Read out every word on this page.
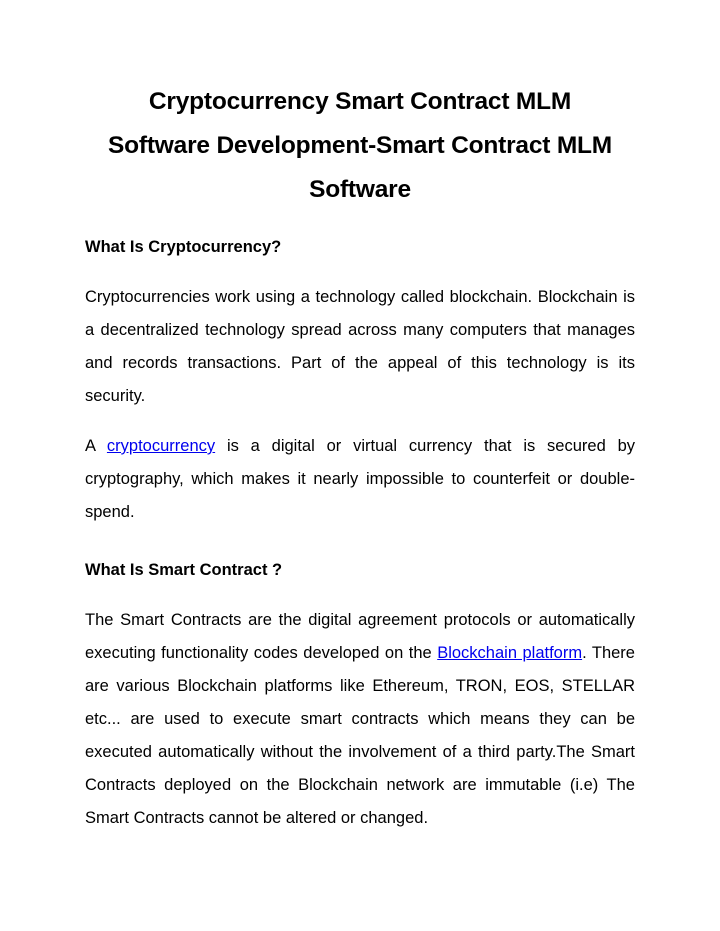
Cryptocurrency Smart Contract MLM
Software Development-Smart Contract MLM
Software
What Is Cryptocurrency?

Cryptocurrencies work using a technology called blockchain. Blockchain is a decentralized technology spread across many computers that manages and records transactions. Part of the appeal of this technology is its security.

A cryptocurrency is a digital or virtual currency that is secured by cryptography, which makes it nearly impossible to counterfeit or double-spend.

What Is Smart Contract ?

The Smart Contracts are the digital agreement protocols or automatically executing functionality codes developed on the Blockchain platform. There are various Blockchain platforms like Ethereum, TRON, EOS, STELLAR etc... are used to execute smart contracts which means they can be executed automatically without the involvement of a third party.The Smart Contracts deployed on the Blockchain network are immutable (i.e) The Smart Contracts cannot be altered or changed.
